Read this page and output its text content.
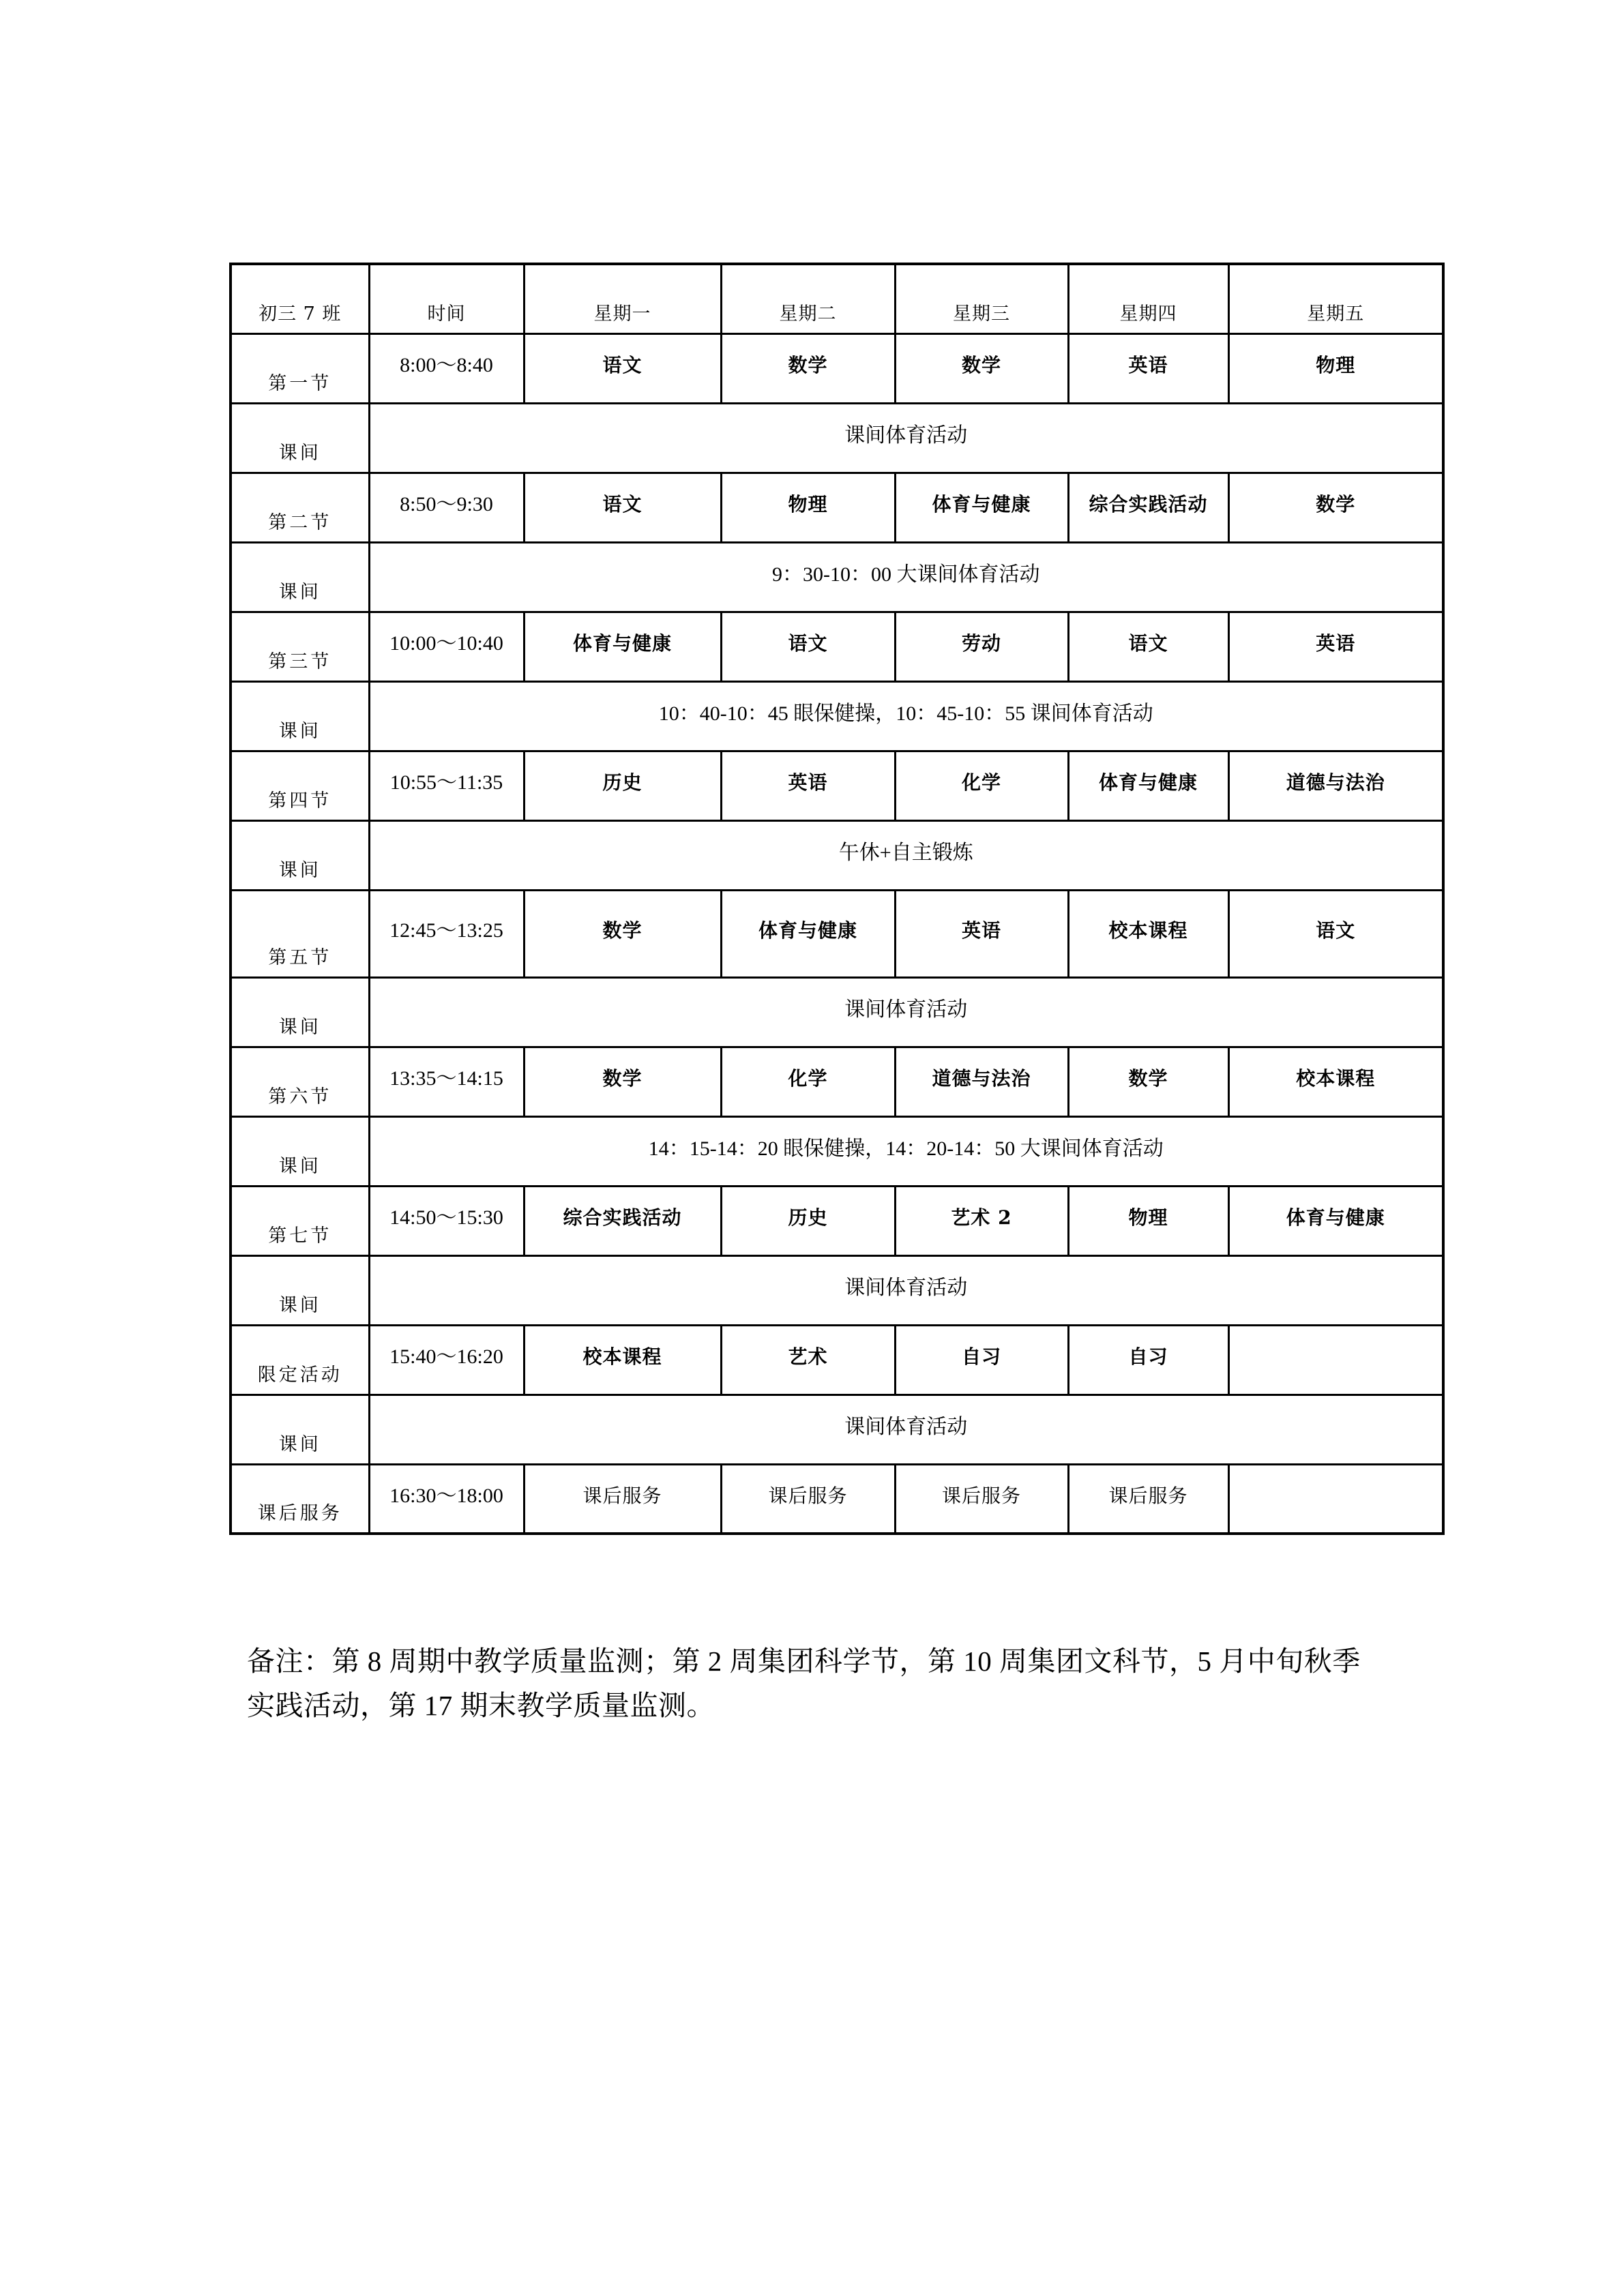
初三 7 班	时间	星期一	星期二	星期三	星期四	星期五
第一节	8:00～8:40	语文	数学	数学	英语	物理
课间	课间体育活动					
第二节	8:50～9:30	语文	物理	体育与健康	综合实践活动	数学
课间	9：30-10：00 大课间体育活动					
第三节	10:00～10:40	体育与健康	语文	劳动	语文	英语
课间	10：40-10：45 眼保健操，10：45-10：55 课间体育活动					
第四节	10:55～11:35	历史	英语	化学	体育与健康	道德与法治
课间	午休+自主锻炼					
第五节	12:45～13:25	数学	体育与健康	英语	校本课程	语文
课间	课间体育活动					
第六节	13:35～14:15	数学	化学	道德与法治	数学	校本课程
课间	14：15-14：20 眼保健操，14：20-14：50 大课间体育活动					
第七节	14:50～15:30	综合实践活动	历史	艺术 2	物理	体育与健康
课间	课间体育活动					
限定活动	15:40～16:20	校本课程	艺术	自习	自习	
课间	课间体育活动					
课后服务	16:30～18:00	课后服务	课后服务	课后服务	课后服务	

备注：第 8 周期中教学质量监测；第 2 周集团科学节，第 10 周集团文科节，5 月中旬秋季

实践活动，第 17 期末教学质量监测。
